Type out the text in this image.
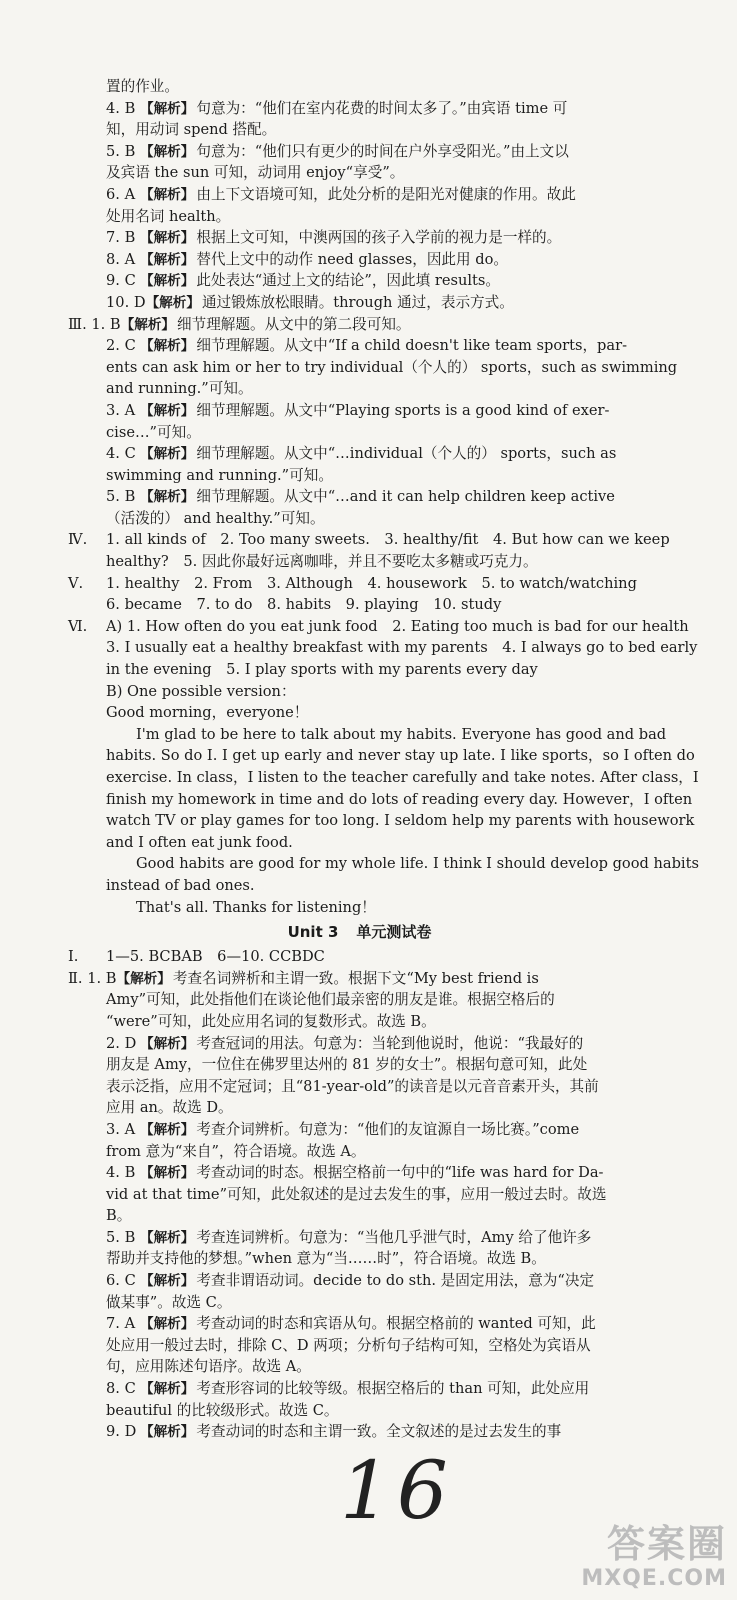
置的作业。
4. B 【解析】 句意为：“他们在室内花费的时间太多了。”由宾语 time 可
知，用动词 spend 搭配。
5. B 【解析】 句意为：“他们只有更少的时间在户外享受阳光。”由上文以
及宾语 the sun 可知，动词用 enjoy“享受”。
6. A 【解析】 由上下文语境可知，此处分析的是阳光对健康的作用。故此
处用名词 health。
7. B 【解析】 根据上文可知，中澳两国的孩子入学前的视力是一样的。
8. A 【解析】 替代上文中的动作 need glasses，因此用 do。
9. C 【解析】 此处表达“通过上文的结论”，因此填 results。
10. D【解析】 通过锻炼放松眼睛。through 通过，表示方式。
Ⅲ. 1. B【解析】 细节理解题。从文中的第二段可知。
2. C 【解析】 细节理解题。从文中“If a child doesn't like team sports，par-
ents can ask him or her to try individual（个人的） sports，such as swimming
and running.”可知。
3. A 【解析】 细节理解题。从文中“Playing sports is a good kind of exer-
cise…”可知。
4. C 【解析】 细节理解题。从文中“…individual（个人的） sports，such as
swimming and running.”可知。
5. B 【解析】 细节理解题。从文中“…and it can help children keep active
（活泼的） and healthy.”可知。
Ⅳ. 1. all kinds of　2. Too many sweets.　3. healthy/fit　4. But how can we keep
healthy?　5. 因此你最好远离咖啡，并且不要吃太多糖或巧克力。
Ⅴ. 1. healthy　2. From　3. Although　4. housework　5. to watch/watching
6. became　7. to do　8. habits　9. playing　10. study
Ⅵ. A) 1. How often do you eat junk food　2. Eating too much is bad for our health
3. I usually eat a healthy breakfast with my parents　4. I always go to bed early
in the evening　5. I play sports with my parents every day
B) One possible version：
Good morning，everyone！
I'm glad to be here to talk about my habits. Everyone has good and bad
habits. So do I. I get up early and never stay up late. I like sports，so I often do
exercise. In class，I listen to the teacher carefully and take notes. After class，I
finish my homework in time and do lots of reading every day. However，I often
watch TV or play games for too long. I seldom help my parents with housework
and I often eat junk food.
Good habits are good for my whole life. I think I should develop good habits
instead of bad ones.
That's all. Thanks for listening！
Unit 3 单元测试卷
Ⅰ. 1—5. BCBAB　6—10. CCBDC
Ⅱ. 1. B【解析】 考查名词辨析和主谓一致。根据下文“My best friend is
Amy”可知，此处指他们在谈论他们最亲密的朋友是谁。根据空格后的
“were”可知，此处应用名词的复数形式。故选 B。
2. D 【解析】 考查冠词的用法。句意为：当轮到他说时，他说：“我最好的
朋友是 Amy，一位住在佛罗里达州的 81 岁的女士”。根据句意可知，此处
表示泛指，应用不定冠词；且“81-year-old”的读音是以元音音素开头，其前
应用 an。故选 D。
3. A 【解析】 考查介词辨析。句意为：“他们的友谊源自一场比赛。”come
from 意为“来自”，符合语境。故选 A。
4. B 【解析】 考查动词的时态。根据空格前一句中的“life was hard for Da-
vid at that time”可知，此处叙述的是过去发生的事，应用一般过去时。故选
B。
5. B 【解析】 考查连词辨析。句意为：“当他几乎泄气时，Amy 给了他许多
帮助并支持他的梦想。”when 意为“当……时”，符合语境。故选 B。
6. C 【解析】 考查非谓语动词。decide to do sth. 是固定用法，意为“决定
做某事”。故选 C。
7. A 【解析】 考查动词的时态和宾语从句。根据空格前的 wanted 可知，此
处应用一般过去时，排除 C、D 两项；分析句子结构可知，空格处为宾语从
句，应用陈述句语序。故选 A。
8. C 【解析】 考查形容词的比较等级。根据空格后的 than 可知，此处应用
beautiful 的比较级形式。故选 C。
9. D 【解析】 考查动词的时态和主谓一致。全文叙述的是过去发生的事
16
答案圈
MXQE.COM
